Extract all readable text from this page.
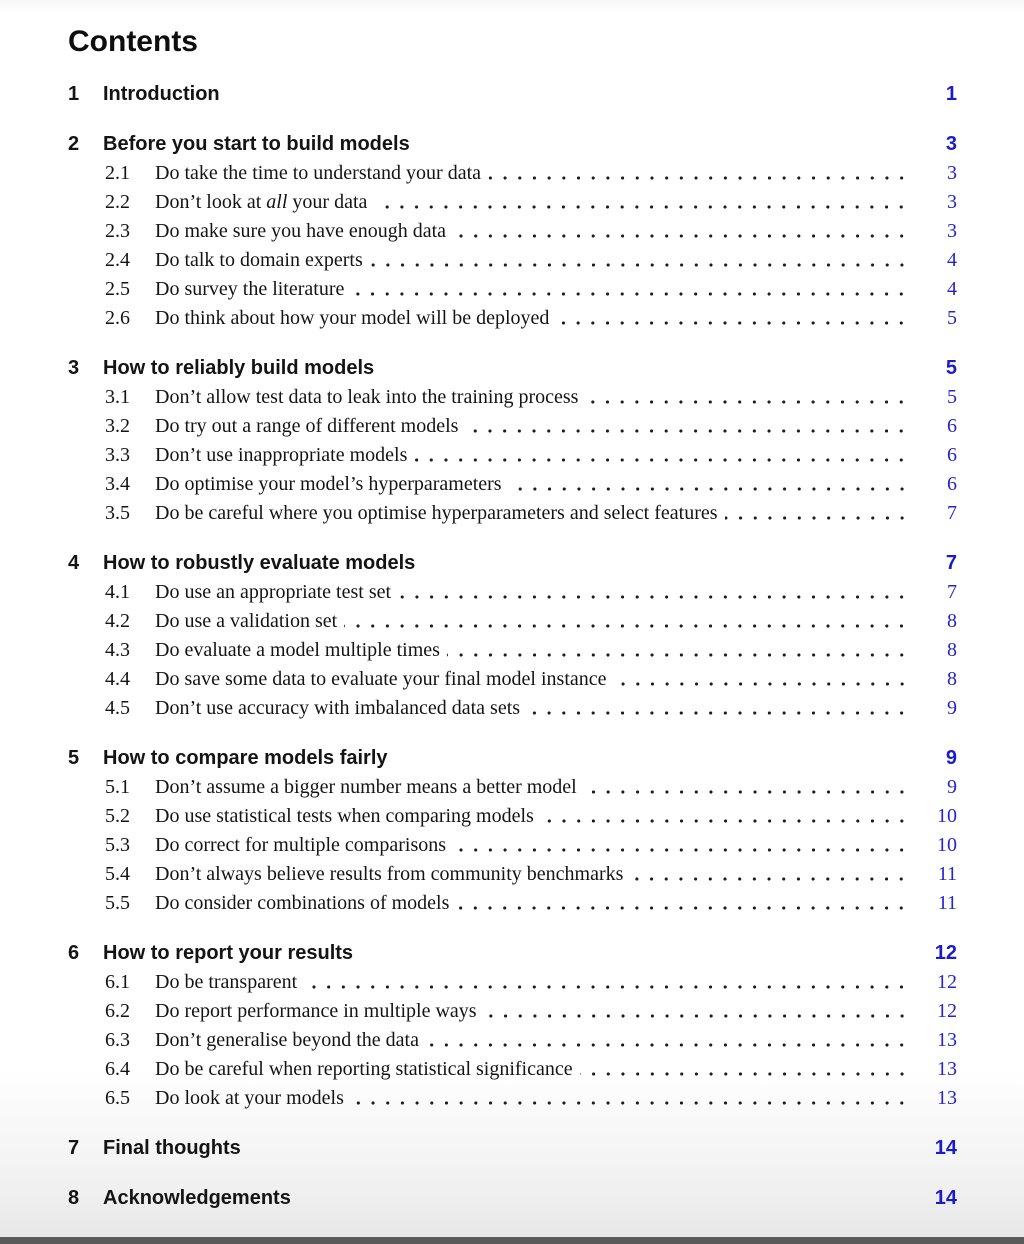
Contents
1	Introduction	1
2	Before you start to build models	3
2.1	Do take the time to understand your data	3
2.2	Don’t look at all your data	3
2.3	Do make sure you have enough data	3
2.4	Do talk to domain experts	4
2.5	Do survey the literature	4
2.6	Do think about how your model will be deployed	5
3	How to reliably build models	5
3.1	Don’t allow test data to leak into the training process	5
3.2	Do try out a range of different models	6
3.3	Don’t use inappropriate models	6
3.4	Do optimise your model’s hyperparameters	6
3.5	Do be careful where you optimise hyperparameters and select features	7
4	How to robustly evaluate models	7
4.1	Do use an appropriate test set	7
4.2	Do use a validation set	8
4.3	Do evaluate a model multiple times	8
4.4	Do save some data to evaluate your final model instance	8
4.5	Don’t use accuracy with imbalanced data sets	9
5	How to compare models fairly	9
5.1	Don’t assume a bigger number means a better model	9
5.2	Do use statistical tests when comparing models	10
5.3	Do correct for multiple comparisons	10
5.4	Don’t always believe results from community benchmarks	11
5.5	Do consider combinations of models	11
6	How to report your results	12
6.1	Do be transparent	12
6.2	Do report performance in multiple ways	12
6.3	Don’t generalise beyond the data	13
6.4	Do be careful when reporting statistical significance	13
6.5	Do look at your models	13
7	Final thoughts	14
8	Acknowledgements	14
